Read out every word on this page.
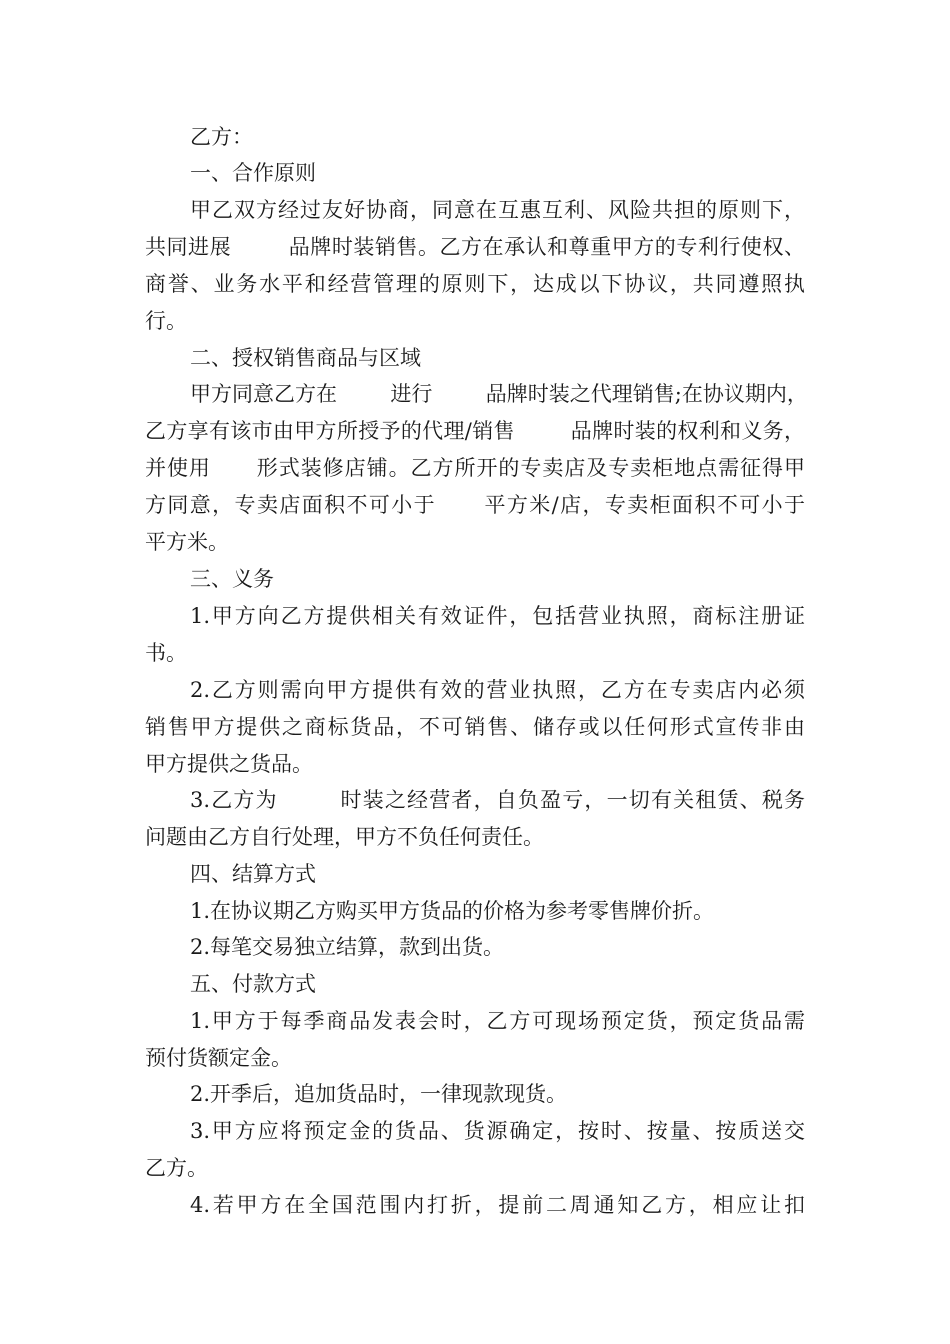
乙方：
一、合作原则
甲乙双方经过友好协商，同意在互惠互利、风险共担的原则下，
共同进展        品牌时装销售。乙方在承认和尊重甲方的专利行使权、
商誉、业务水平和经营管理的原则下，达成以下协议，共同遵照执
行。
二、授权销售商品与区域
甲方同意乙方在        进行        品牌时装之代理销售;在协议期内，
乙方享有该市由甲方所授予的代理/销售        品牌时装的权利和义务，
并使用      形式装修店铺。乙方所开的专卖店及专卖柜地点需征得甲
方同意，专卖店面积不可小于      平方米/店，专卖柜面积不可小于
平方米。
三、义务
1.甲方向乙方提供相关有效证件，包括营业执照，商标注册证
书。
2.乙方则需向甲方提供有效的营业执照，乙方在专卖店内必须
销售甲方提供之商标货品，不可销售、储存或以任何形式宣传非由
甲方提供之货品。
3.乙方为        时装之经营者，自负盈亏，一切有关租赁、税务
问题由乙方自行处理，甲方不负任何责任。
四、结算方式
1.在协议期乙方购买甲方货品的价格为参考零售牌价折。
2.每笔交易独立结算，款到出货。
五、付款方式
1.甲方于每季商品发表会时，乙方可现场预定货，预定货品需
预付货额定金。
2.开季后，追加货品时，一律现款现货。
3.甲方应将预定金的货品、货源确定，按时、按量、按质送交
乙方。
4.若甲方在全国范围内打折，提前二周通知乙方，相应让扣
